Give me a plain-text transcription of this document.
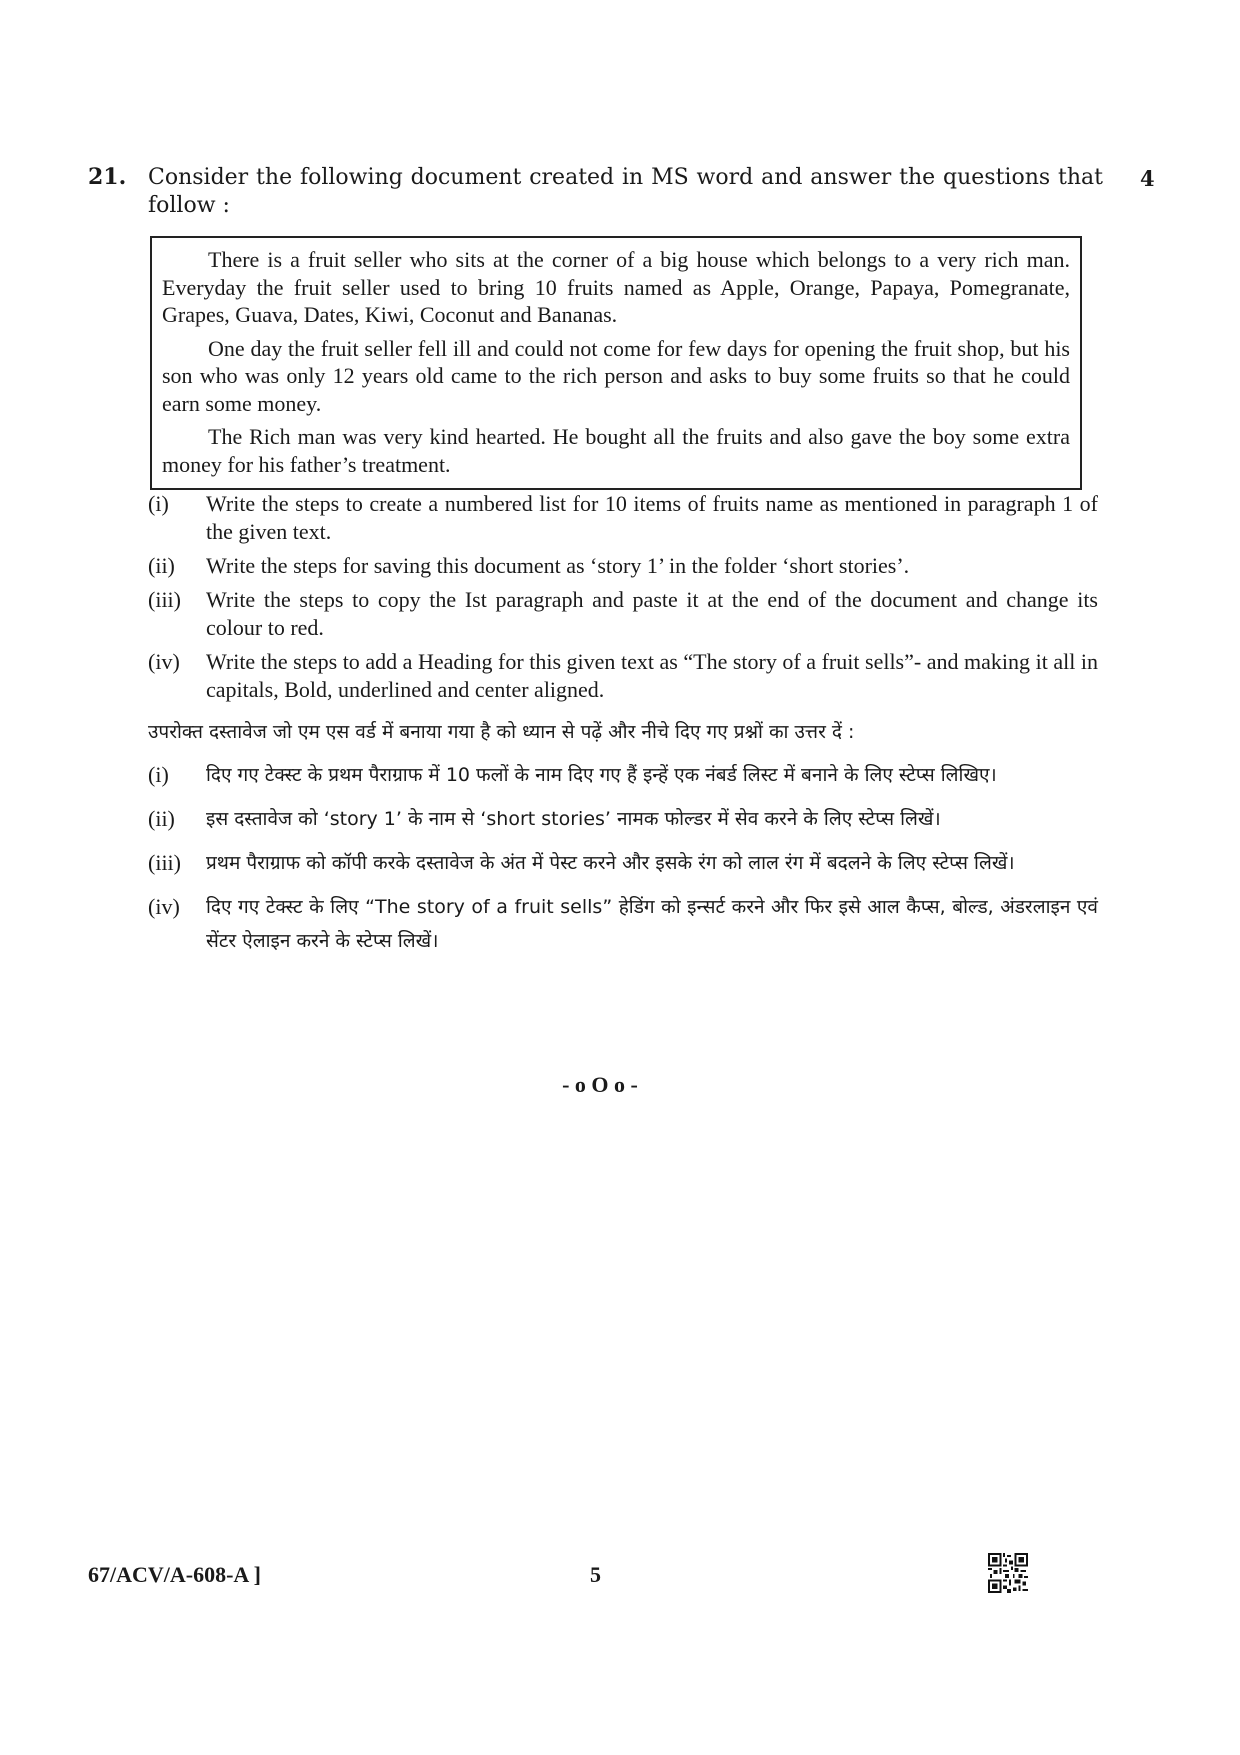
21. Consider the following document created in MS word and answer the questions that follow :
4

There is a fruit seller who sits at the corner of a big house which belongs to a very rich man. Everyday the fruit seller used to bring 10 fruits named as Apple, Orange, Papaya, Pomegranate, Grapes, Guava, Dates, Kiwi, Coconut and Bananas.

One day the fruit seller fell ill and could not come for few days for opening the fruit shop, but his son who was only 12 years old came to the rich person and asks to buy some fruits so that he could earn some money.

The Rich man was very kind hearted. He bought all the fruits and also gave the boy some extra money for his father’s treatment.

(i) Write the steps to create a numbered list for 10 items of fruits name as mentioned in paragraph 1 of the given text.
(ii) Write the steps for saving this document as ‘story 1’ in the folder ‘short stories’.
(iii) Write the steps to copy the Ist paragraph and paste it at the end of the document and change its colour to red.
(iv) Write the steps to add a Heading for this given text as “The story of a fruit sells”- and making it all in capitals, Bold, underlined and center aligned.
उपरोक्त दस्तावेज जो एम एस वर्ड में बनाया गया है को ध्यान से पढ़ें और नीचे दिए गए प्रश्नों का उत्तर दें :
(i) दिए गए टेक्स्ट के प्रथम पैराग्राफ में 10 फलों के नाम दिए गए हैं इन्हें एक नंबर्ड लिस्ट में बनाने के लिए स्टेप्स लिखिए।
(ii) इस दस्तावेज को ‘story 1’ के नाम से ‘short stories’ नामक फोल्डर में सेव करने के लिए स्टेप्स लिखें।
(iii) प्रथम पैराग्राफ को कॉपी करके दस्तावेज के अंत में पेस्ट करने और इसके रंग को लाल रंग में बदलने के लिए स्टेप्स लिखें।
(iv) दिए गए टेक्स्ट के लिए “The story of a fruit sells” हेडिंग को इन्सर्ट करने और फिर इसे आल कैप्स, बोल्ड, अंडरलाइन एवं सेंटर ऐलाइन करने के स्टेप्स लिखें।
- o O o -
67/ACV/A-608-A ]	5
